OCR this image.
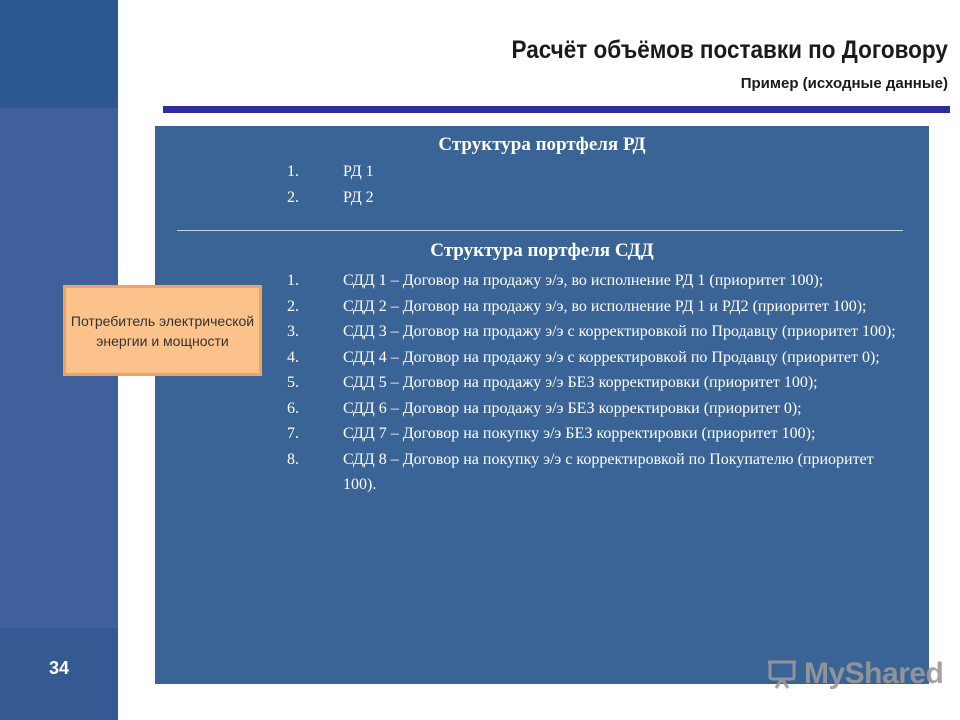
34
Расчёт объёмов поставки по Договору
Пример (исходные данные)
Структура портфеля РД
1.	РД 1
2.	РД 2
Структура портфеля СДД
1.	СДД 1 – Договор на продажу э/э, во исполнение РД 1 (приоритет 100);
2.	СДД 2 – Договор на продажу э/э, во исполнение РД 1 и РД2 (приоритет 100);
3.	СДД 3 – Договор на продажу э/э с корректировкой по Продавцу (приоритет 100);
4.	СДД 4 – Договор на продажу э/э с корректировкой по Продавцу (приоритет 0);
5.	СДД 5 – Договор на продажу э/э БЕЗ корректировки (приоритет 100);
6.	СДД 6 – Договор на продажу э/э БЕЗ корректировки (приоритет 0);
7.	СДД 7 – Договор на покупку э/э БЕЗ корректировки (приоритет 100);
8.	СДД 8 – Договор на покупку э/э с корректировкой по Покупателю (приоритет 100).
Потребитель электрической энергии и мощности
MyShared
